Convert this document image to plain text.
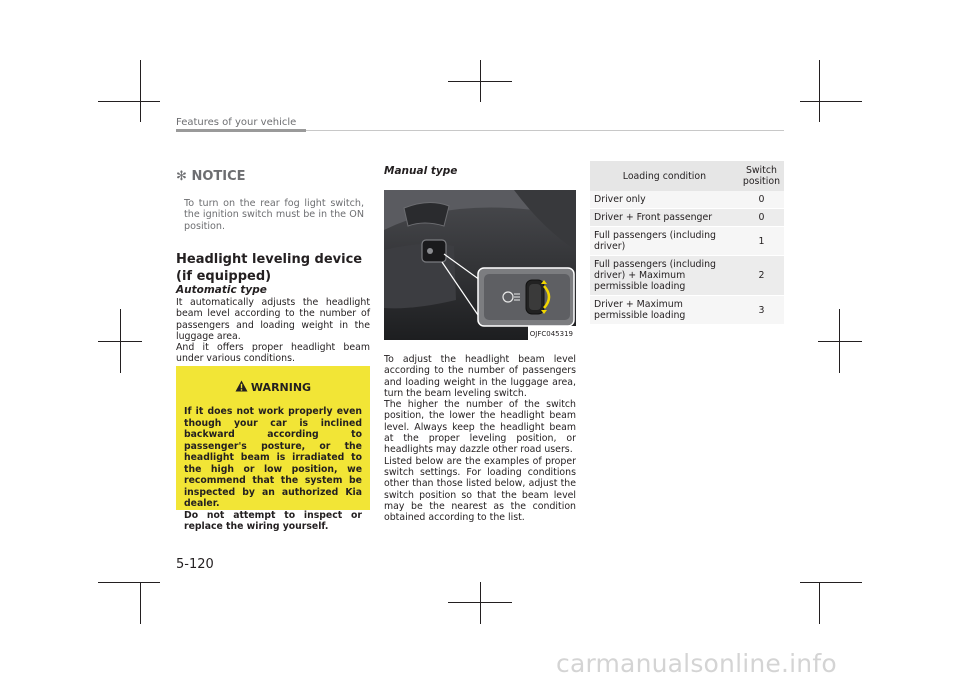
Features of your vehicle
✻ NOTICE
To turn on the rear fog light switch, the ignition switch must be in the ON position.
Headlight leveling device (if equipped)
Automatic type
It automatically adjusts the headlight beam level according to the number of passengers and loading weight in the luggage area.
And it offers proper headlight beam under various conditions.
WARNING
If it does not work properly even though your car is inclined backward according to passenger's posture, or the headlight beam is irradiated to the high or low position, we recommend that the system be inspected by an authorized Kia dealer.
Do not attempt to inspect or replace the wiring yourself.
Manual type
OJFC045319
To adjust the headlight beam level according to the number of passengers and loading weight in the luggage area, turn the beam leveling switch.
The higher the number of the switch position, the lower the headlight beam level. Always keep the headlight beam at the proper leveling position, or headlights may dazzle other road users.
Listed below are the examples of proper switch settings. For loading conditions other than those listed below, adjust the switch position so that the beam level may be the nearest as the condition obtained according to the list.
Loading condition	Switch position
Driver only	0
Driver + Front passenger	0
Full passengers (including driver)	1
Full passengers (including driver) + Maximum permissible loading	2
Driver + Maximum permissible loading	3
5-120
carmanualsonline.info
